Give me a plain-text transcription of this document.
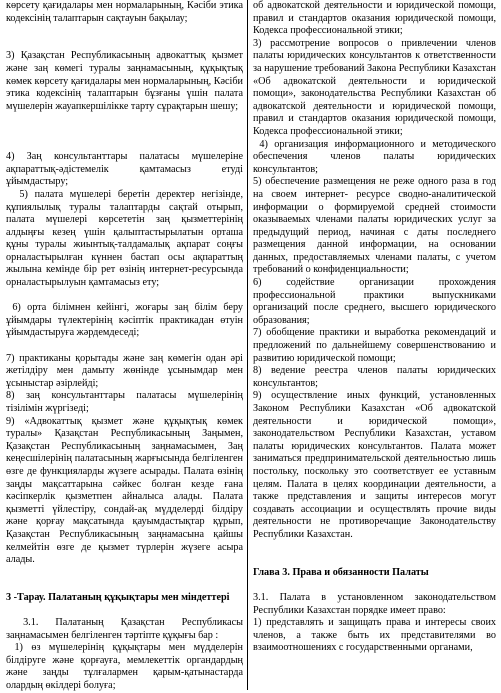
көрсету қағидалары мен нормаларының, Кәсіби этика кодексінің талаптарын сақтауын бақылау;

3) Қазақстан Республикасының адвокаттық қызмет және заң көмегі туралы заңнамасының, құқықтық көмек көрсету қағидалары мен нормаларының, Кәсіби этика кодексінің талаптарын бұзғаны үшін палата мүшелерін жауапкершілікке тарту сұрақтарын шешу;

4) Заң консультанттары палатасы мүшелеріне ақпараттық-әдістемелік қамтамасыз етуді ұйымдастыру;

5) палата мүшелері беретін деректер негізінде, құпиялылық туралы талаптарды сақтай отырып, палата мүшелері көрсететін заң қызметтерінің алдыңғы кезең үшін қалыптастырылатын орташа құны туралы жиынтық-талдамалық ақпарат соңғы орналастырылған күннен бастап осы ақпараттың жылына кемінде бір рет өзінің интернет-ресурсында орналастырылуын қамтамасыз ету;

6) орта білімнен кейінгі, жоғары заң білім беру ұйымдары түлектерінің кәсіптік практикадан өтуін ұйымдастыруға жәрдемдеседі;

7) практиканы қорытады және заң көмегін одан әрі жетілдіру мен дамыту жөнінде ұсынымдар мен ұсыныстар әзірлейді;

8) заң консультанттары палатасы мүшелерінің тізілімін жүргізеді;

9) «Адвокаттық қызмет және құқықтық көмек туралы» Қазақстан Республикасының Заңымен, Қазақстан Республикасының заңнамасымен, Заң кеңесшілерінің палатасының жарғысында белгіленген өзге де функцияларды жүзеге асырады. Палата өзінің заңды мақсаттарына сәйкес болған кезде ғана кәсіпкерлік қызметпен айналыса алады. Палата қызметті үйлестіру, сондай-ақ мүдделерді білдіру және қорғау мақсатында қауымдастықтар құрып, Қазақстан Республикасының заңнамасына қайшы келмейтін өзге де қызмет түрлерін жүзеге асыра алады.

3 -Тарау. Палатаның құқықтары мен міндеттері

3.1. Палатаның Қазақстан Республикасы заңнамасымен белгіленген тәртіпте құқығы бар :

1) өз мүшелерінің құқықтары мен мүдделерін білдіруге және қорғауға, мемлекеттік органдардың және заңды тұлғалармен қарым-қатынастарда олардың өкілдері болуға;

об адвокатской деятельности и юридической помощи, правил и стандартов оказания юридической помощи, Кодекса профессиональной этики;

3) рассмотрение вопросов о привлечении членов палаты юридических консультантов к ответственности за нарушение требований Закона Республики Казахстан «Об адвокатской деятельности и юридической помощи», законодательства Республики Казахстан об адвокатской деятельности и юридической помощи, правил и стандартов оказания юридической помощи, Кодекса профессиональной этики;

4) организация информационного и методического обеспечения членов палаты юридических консультантов;

5) обеспечение размещения не реже одного раза в год на своем интернет- ресурсе сводно-аналитической информации о формируемой средней стоимости оказываемых членами палаты юридических услуг за предыдущий период, начиная с даты последнего размещения данной информации, на основании данных, предоставляемых членами палаты, с учетом требований о конфиденциальности;

6) содействие организации прохождения профессиональной практики выпускниками организаций после среднего, высшего юридического образования;

7) обобщение практики и выработка рекомендаций и предложений по дальнейшему совершенствованию и развитию юридической помощи;

8) ведение реестра членов палаты юридических консультантов;

9) осуществление иных функций, установленных Законом Республики Казахстан «Об адвокатской деятельности и юридической помощи», законодательством Республики Казахстан, уставом палаты юридических консультантов. Палата может заниматься предпринимательской деятельностью лишь постольку, поскольку это соответствует ее уставным целям. Палата в целях координации деятельности, а также представления и защиты интересов могут создавать ассоциации и осуществлять прочие виды деятельности не противоречащие Законодательству Республики Казахстан.

Глава 3. Права и обязанности Палаты

3.1. Палата в установленном законодательством Республики Казахстан порядке имеет право:

1) представлять и защищать права и интересы своих членов, а также быть их представителями во взаимоотношениях с государственными органами,
